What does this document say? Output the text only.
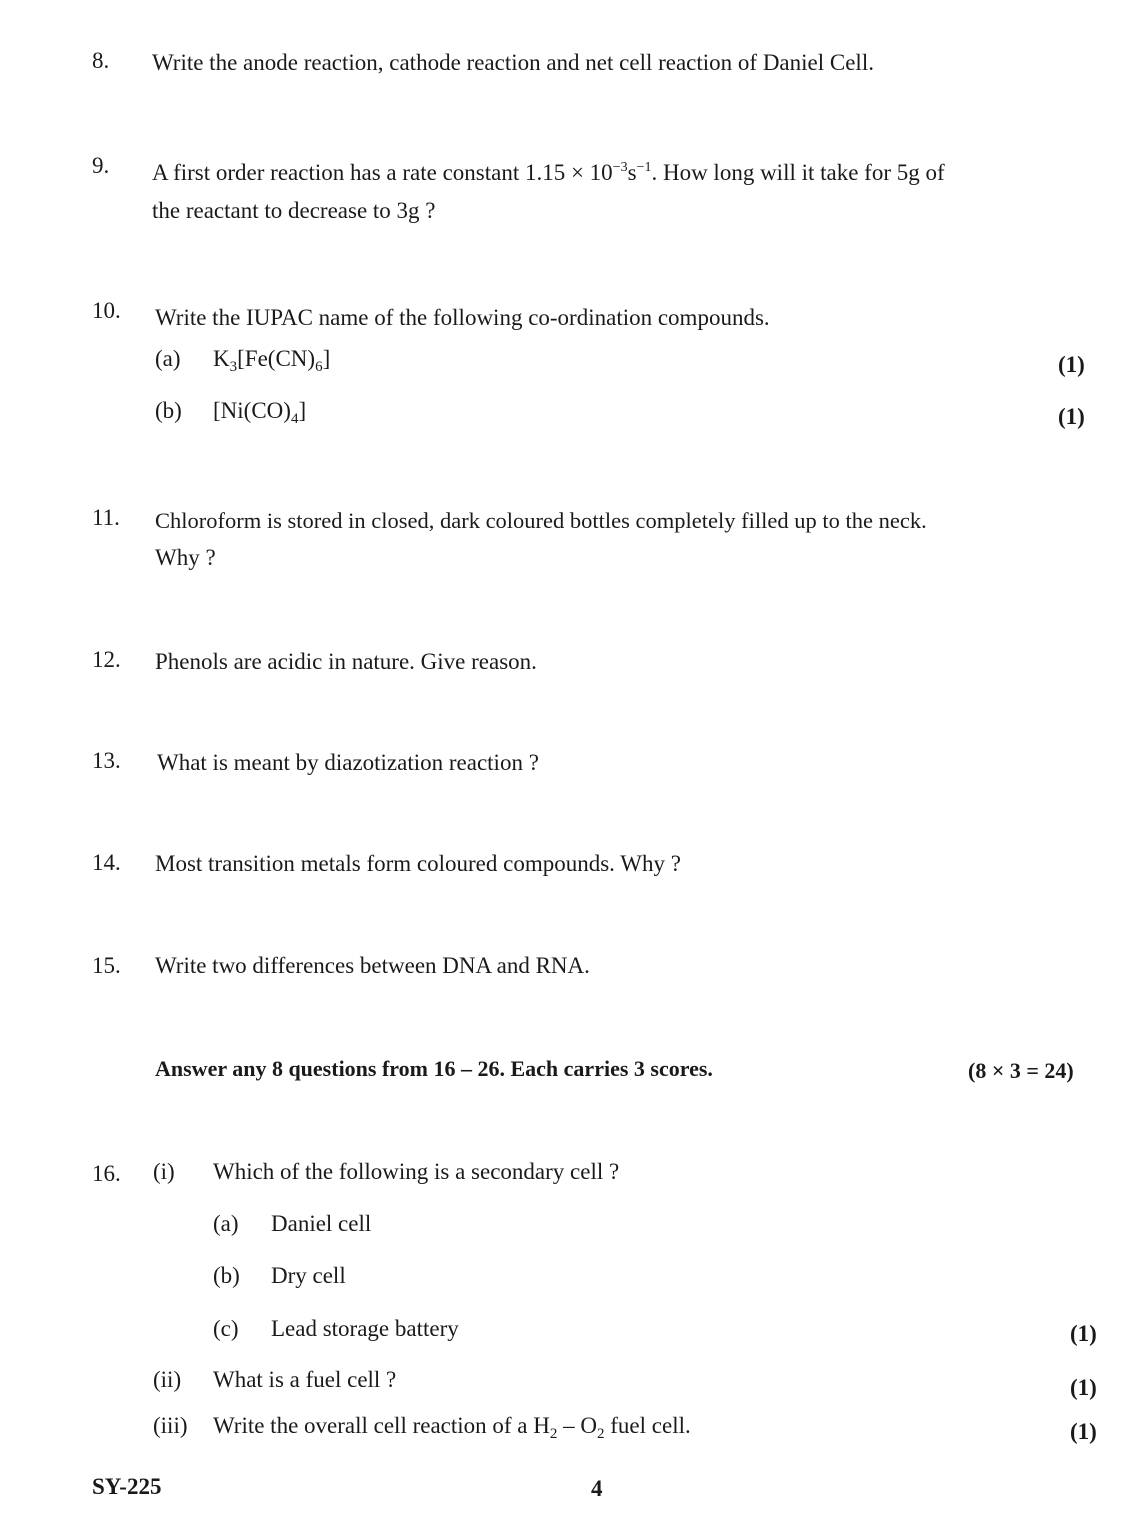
8. Write the anode reaction, cathode reaction and net cell reaction of Daniel Cell.
9. A first order reaction has a rate constant $1.15 \times 10^{-3}s^{-1}$. How long will it take for 5g of
the reactant to decrease to 3g ?
10. Write the IUPAC name of the following co-ordination compounds.
(a) $K_3[Fe(CN)_6]$	(1)
(b) $[Ni(CO)_4]$	(1)
11. Chloroform is stored in closed, dark coloured bottles completely filled up to the neck.
Why ?
12. Phenols are acidic in nature. Give reason.
13. What is meant by diazotization reaction ?
14. Most transition metals form coloured compounds. Why ?
15. Write two differences between DNA and RNA.
Answer any 8 questions from 16 – 26. Each carries 3 scores.	(8 × 3 = 24)
16. (i) Which of the following is a secondary cell ?
(a) Daniel cell
(b) Dry cell
(c) Lead storage battery	(1)
(ii) What is a fuel cell ?	(1)
(iii) Write the overall cell reaction of a $H_2 - O_2$ fuel cell.	(1)
SY-225	4
